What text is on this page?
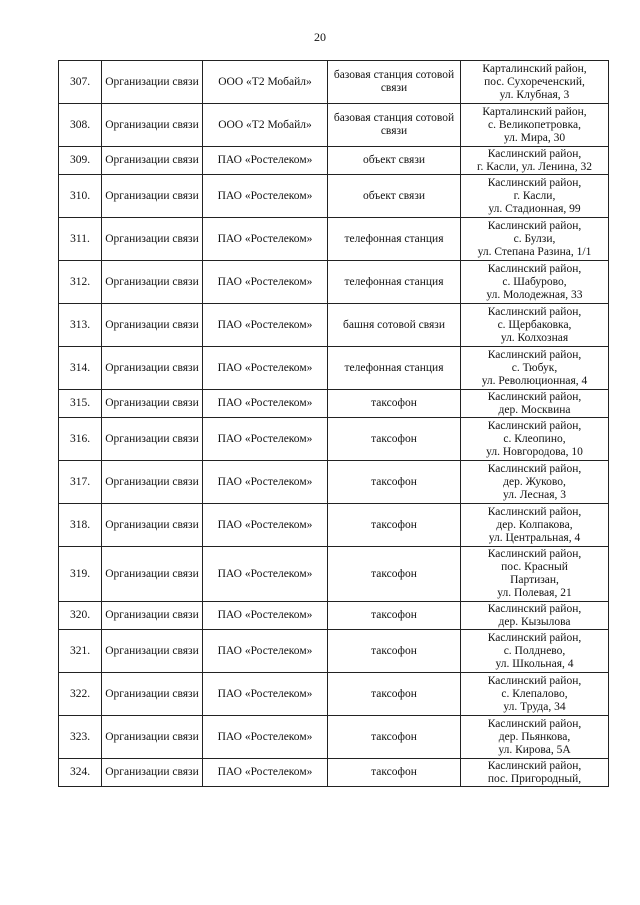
20
307.	Организации связи	ООО «Т2 Мобайл»	базовая станция сотовой связи	Карталинский район,
пос. Сухореченский,
ул. Клубная, 3

308.	Организации связи	ООО «Т2 Мобайл»	базовая станция сотовой связи	Карталинский район,
с. Великопетровка,
ул. Мира, 30

309.	Организации связи	ПАО «Ростелеком»	объект связи	Каслинский район,
г. Касли, ул. Ленина, 32

310.	Организации связи	ПАО «Ростелеком»	объект связи	Каслинский район,
г. Касли,
ул. Стадионная, 99

311.	Организации связи	ПАО «Ростелеком»	телефонная станция	Каслинский район,
с. Булзи,
ул. Степана Разина, 1/1

312.	Организации связи	ПАО «Ростелеком»	телефонная станция	Каслинский район,
с. Шабурово,
ул. Молодежная, 33

313.	Организации связи	ПАО «Ростелеком»	башня сотовой связи	Каслинский район,
с. Щербаковка,
ул. Колхозная

314.	Организации связи	ПАО «Ростелеком»	телефонная станция	Каслинский район,
с. Тюбук,
ул. Революционная, 4

315.	Организации связи	ПАО «Ростелеком»	таксофон	Каслинский район,
дер. Москвина

316.	Организации связи	ПАО «Ростелеком»	таксофон	Каслинский район,
с. Клеопино,
ул. Новгородова, 10

317.	Организации связи	ПАО «Ростелеком»	таксофон	Каслинский район,
дер. Жуково,
ул. Лесная, 3

318.	Организации связи	ПАО «Ростелеком»	таксофон	Каслинский район,
дер. Колпакова,
ул. Центральная, 4

319.	Организации связи	ПАО «Ростелеком»	таксофон	Каслинский район,
пос. Красный
Партизан,
ул. Полевая, 21

320.	Организации связи	ПАО «Ростелеком»	таксофон	Каслинский район,
дер. Кызылова

321.	Организации связи	ПАО «Ростелеком»	таксофон	Каслинский район,
с. Полднево,
ул. Школьная, 4

322.	Организации связи	ПАО «Ростелеком»	таксофон	Каслинский район,
с. Клепалово,
ул. Труда, 34

323.	Организации связи	ПАО «Ростелеком»	таксофон	Каслинский район,
дер. Пьянкова,
ул. Кирова, 5А

324.	Организации связи	ПАО «Ростелеком»	таксофон	Каслинский район,
пос. Пригородный,
